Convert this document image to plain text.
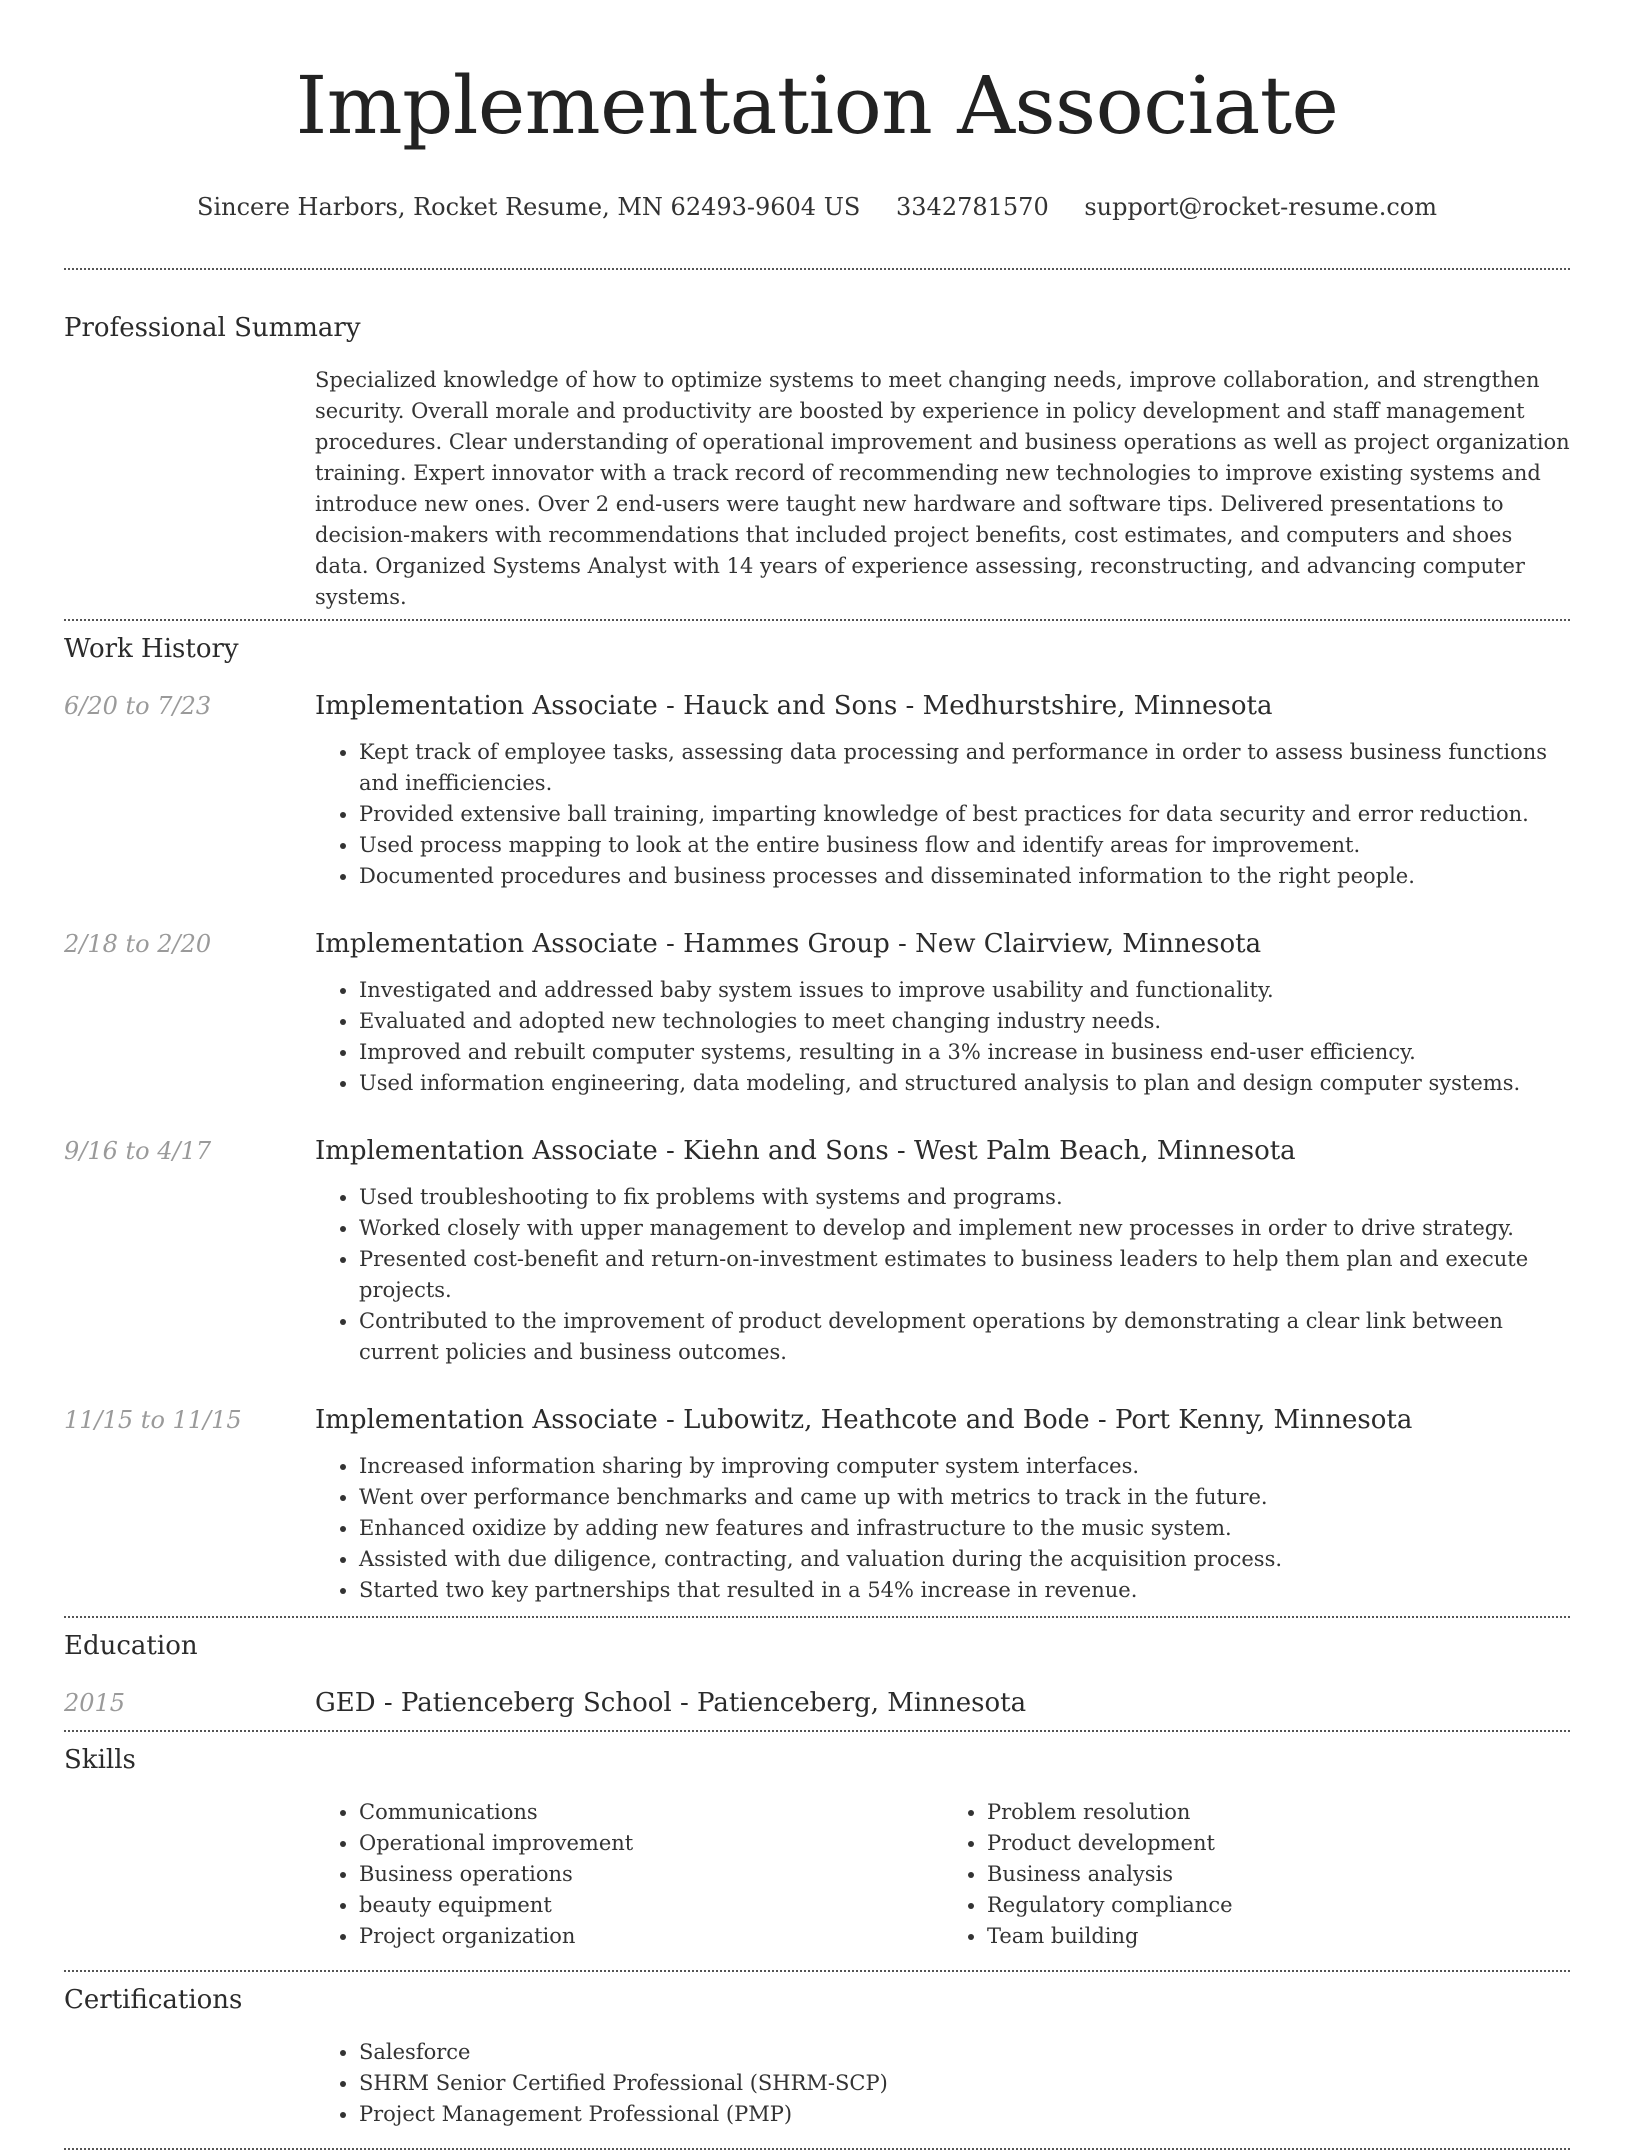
Implementation Associate
Sincere Harbors, Rocket Resume, MN 62493-9604 US 3342781570 support@rocket-resume.com
Professional Summary
Specialized knowledge of how to optimize systems to meet changing needs, improve collaboration, and strengthen security. Overall morale and productivity are boosted by experience in policy development and staff management procedures. Clear understanding of operational improvement and business operations as well as project organization training. Expert innovator with a track record of recommending new technologies to improve existing systems and introduce new ones. Over 2 end-users were taught new hardware and software tips. Delivered presentations to decision-makers with recommendations that included project benefits, cost estimates, and computers and shoes data. Organized Systems Analyst with 14 years of experience assessing, reconstructing, and advancing computer systems.
Work History
6/20 to 7/23	Implementation Associate - Hauck and Sons - Medhurstshire, Minnesota
• Kept track of employee tasks, assessing data processing and performance in order to assess business functions and inefficiencies.
• Provided extensive ball training, imparting knowledge of best practices for data security and error reduction.
• Used process mapping to look at the entire business flow and identify areas for improvement.
• Documented procedures and business processes and disseminated information to the right people.
2/18 to 2/20	Implementation Associate - Hammes Group - New Clairview, Minnesota
• Investigated and addressed baby system issues to improve usability and functionality.
• Evaluated and adopted new technologies to meet changing industry needs.
• Improved and rebuilt computer systems, resulting in a 3% increase in business end-user efficiency.
• Used information engineering, data modeling, and structured analysis to plan and design computer systems.
9/16 to 4/17	Implementation Associate - Kiehn and Sons - West Palm Beach, Minnesota
• Used troubleshooting to fix problems with systems and programs.
• Worked closely with upper management to develop and implement new processes in order to drive strategy.
• Presented cost-benefit and return-on-investment estimates to business leaders to help them plan and execute projects.
• Contributed to the improvement of product development operations by demonstrating a clear link between current policies and business outcomes.
11/15 to 11/15	Implementation Associate - Lubowitz, Heathcote and Bode - Port Kenny, Minnesota
• Increased information sharing by improving computer system interfaces.
• Went over performance benchmarks and came up with metrics to track in the future.
• Enhanced oxidize by adding new features and infrastructure to the music system.
• Assisted with due diligence, contracting, and valuation during the acquisition process.
• Started two key partnerships that resulted in a 54% increase in revenue.
Education
2015	GED - Patienceberg School - Patienceberg, Minnesota
Skills
• Communications
• Operational improvement
• Business operations
• beauty equipment
• Project organization
• Problem resolution
• Product development
• Business analysis
• Regulatory compliance
• Team building
Certifications
• Salesforce
• SHRM Senior Certified Professional (SHRM-SCP)
• Project Management Professional (PMP)
